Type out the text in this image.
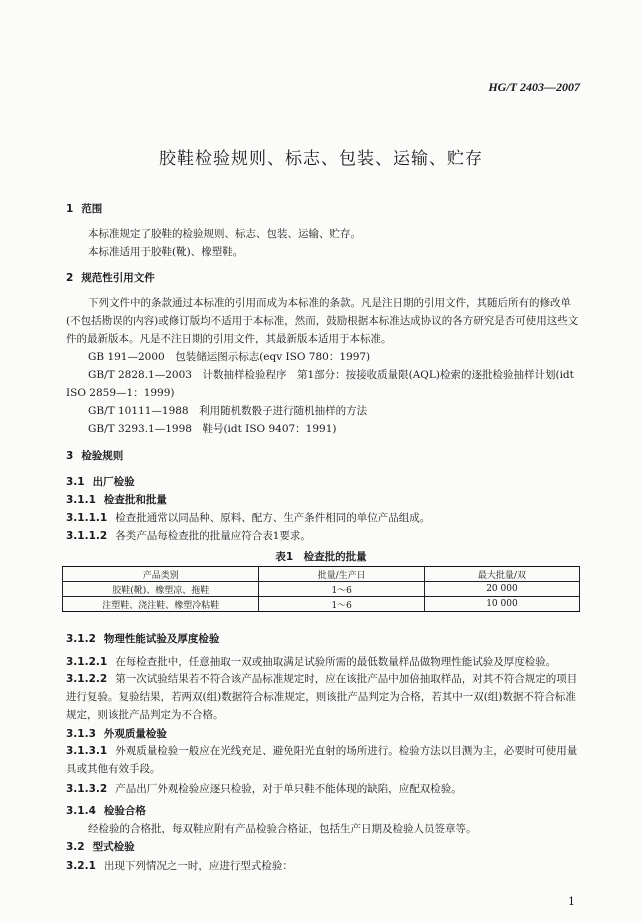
HG/T 2403—2007
胶鞋检验规则、标志、包装、运输、贮存
1 范围
本标准规定了胶鞋的检验规则、标志、包装、运输、贮存。
本标准适用于胶鞋(靴)、橡塑鞋。
2 规范性引用文件
下列文件中的条款通过本标准的引用而成为本标准的条款。凡是注日期的引用文件，其随后所有的修改单(不包括勘误的内容)或修订版均不适用于本标准，然而，鼓励根据本标准达成协议的各方研究是否可使用这些文件的最新版本。凡是不注日期的引用文件，其最新版本适用于本标准。
GB 191—2000　包装储运图示标志(eqv ISO 780：1997)
GB/T 2828.1—2003　计数抽样检验程序　第1部分：按接收质量限(AQL)检索的逐批检验抽样计划(idt ISO 2859—1：1999)
GB/T 10111—1988　利用随机数骰子进行随机抽样的方法
GB/T 3293.1—1998　鞋号(idt ISO 9407：1991)
3 检验规则
3.1 出厂检验
3.1.1 检查批和批量
3.1.1.1 检查批通常以同品种、原料、配方、生产条件相同的单位产品组成。
3.1.1.2 各类产品每检查批的批量应符合表1要求。
表1　检查批的批量
产品类别	批量/生产日	最大批量/双
胶鞋(靴)、橡塑凉、拖鞋	1～6	20 000
注塑鞋、浇注鞋、橡塑冷粘鞋	1～6	10 000
3.1.2 物理性能试验及厚度检验
3.1.2.1 在每检查批中，任意抽取一双或抽取满足试验所需的最低数量样品做物理性能试验及厚度检验。
3.1.2.2 第一次试验结果若不符合该产品标准规定时，应在该批产品中加倍抽取样品，对其不符合规定的项目进行复验。复验结果，若两双(组)数据符合标准规定，则该批产品判定为合格，若其中一双(组)数据不符合标准规定，则该批产品判定为不合格。
3.1.3 外观质量检验
3.1.3.1 外观质量检验一般应在光线充足、避免阳光直射的场所进行。检验方法以目测为主，必要时可使用量具或其他有效手段。
3.1.3.2 产品出厂外观检验应逐只检验，对于单只鞋不能体现的缺陷，应配双检验。
3.1.4 检验合格
经检验的合格批，每双鞋应附有产品检验合格证，包括生产日期及检验人员签章等。
3.2 型式检验
3.2.1 出现下列情况之一时，应进行型式检验：
1
